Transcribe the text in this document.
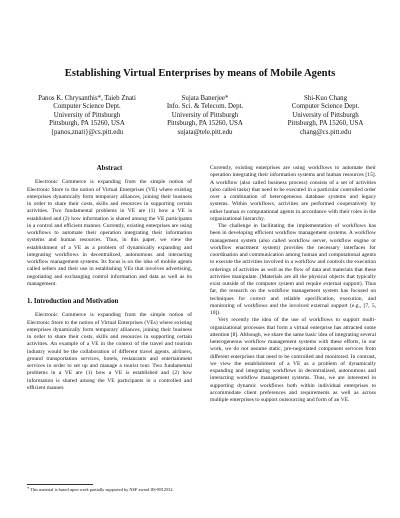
Establishing Virtual Enterprises by means of Mobile Agents
Panos K. Chrysanthis*, Taieb Znati
Computer Science Dept.
University of Pittsburgh
Pittsburgh, PA 15260, USA
{panos,znati}@cs.pitt.edu
Sujata Banerjee*
Info. Sci. & Telecom. Dept.
University of Pittsburgh
Pittsburgh, PA 15260, USA
sujata@tele.pitt.edu
Shi-Kuo Chang
Computer Science Dept.
University of Pittsburgh
Pittsburgh, PA 15260, USA
chang@cs.pitt.edu
Abstract

Electronic Commerce is expanding from the simple notion of Electronic Store to the notion of Virtual Enterprises (VE) where existing enterprises dynamically form temporary alliances, joining their business in order to share their costs, skills and resources in supporting certain activities. Two fundamental problems in VE are (1) how a VE is established and (2) how information is shared among the VE participants in a control and efficient manner. Currently, existing enterprises are using workflows to automate their operation integrating their information systems and human resources. Thus, in this paper, we view the establishment of a VE as a problem of dynamically expanding and integrating workflows in decentralized, autonomous and interacting workflow management systems. Its focus is on the idea of mobile agents called sellers and their use in establishing VEs that involves advertising, negotiating and exchanging control information and data as well as its management.

1. Introduction and Motivation

Electronic Commerce is expanding from the simple notion of Electronic Store to the notion of Virtual Enterprises (VEs) where existing enterprises dynamically form temporary alliances, joining their business in order to share their costs, skills and resources in supporting certain activities. An example of a VE in the context of the travel and tourism industry would be the collaboration of different travel agents, airliners, ground transportation services, hotels, restaurants and entertainment services in order to set up and manage a tourist tour. Two fundamental problems in a VE are (1) how a VE is established and (2) how information is shared among the VE participants in a controlled and efficient manner.

Currently, existing enterprises are using workflows to automate their operation integrating their information systems and human resources [15]. A workflow (also called business process) consists of a set of activities (also called tasks) that need to be executed in a particular controlled order over a combination of heterogeneous database systems and legacy systems. Within workflows, activities are performed cooperatively by either human or computational agents in accordance with their roles in the organizational hierarchy.

The challenge in facilitating the implementation of workflows has been in developing efficient workflow management systems. A workflow management system (also called workflow server, workflow engine or workflow enactment system) provides the necessary interfaces for coordination and communication among human and computational agents to execute the activities involved in a workflow and controls the execution orderings of activities as well as the flow of data and materials that these activities manipulate. (Materials are all the physical objects that typically exist outside of the computer system and require external support). Thus far, the research on the workflow management system has focused on techniques for correct and reliable specification, execution, and monitoring of workflows and the involved external support (e.g., [7, 5, 10]).

Very recently the idea of the use of workflows to support multi-organizational processes that form a virtual enterprise has attracted some attention [8]. Although, we share the same basic idea of integrating several heterogeneous workflow management systems with these efforts, in our work, we do not assume static, pre-negotiated component services from different enterprises that need to be controlled and monitored. In contrast, we view the establishment of a VE as a problem of dynamically expanding and integrating workflows in decentralized, autonomous and interacting workflow management systems. Thus, we are interested in supporting dynamic workflows both within individual enterprises to accommodate client preferences and requirements as well as across multiple enterprises to support outsourcing and form of an VE.

* This material is based upon work partially supported by NSF award IIS-9812532.
